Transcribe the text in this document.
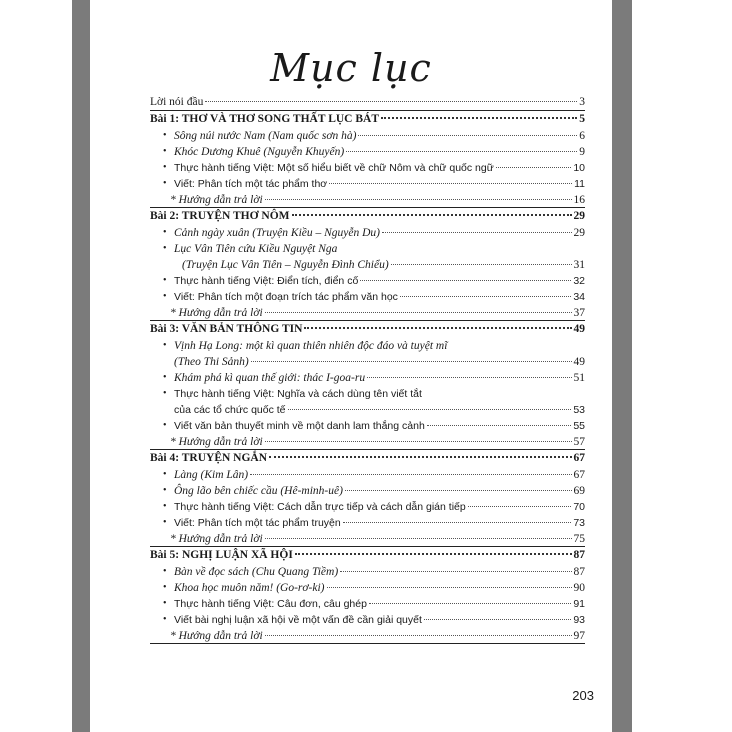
Mục lục
Lời nói đầu	3
Bài 1: THƠ VÀ THƠ SONG THẤT LỤC BÁT	5
• Sông núi nước Nam (Nam quốc sơn hà)	6
• Khóc Dương Khuê (Nguyễn Khuyến)	9
• Thực hành tiếng Việt: Một số hiểu biết về chữ Nôm và chữ quốc ngữ	10
• Viết: Phân tích một tác phẩm thơ	11
* Hướng dẫn trả lời	16
Bài 2: TRUYỆN THƠ NÔM	29
• Cảnh ngày xuân (Truyện Kiều – Nguyễn Du)	29
• Lục Vân Tiên cứu Kiều Nguyệt Nga
(Truyện Lục Vân Tiên – Nguyễn Đình Chiểu)	31
• Thực hành tiếng Việt: Điển tích, điển cố	32
• Viết: Phân tích một đoạn trích tác phẩm văn học	34
* Hướng dẫn trả lời	37
Bài 3: VĂN BẢN THÔNG TIN	49
• Vịnh Hạ Long: một kì quan thiên nhiên độc đáo và tuyệt mĩ
(Theo Thi Sảnh)	49
• Khám phá kì quan thế giới: thác I-goa-ru	51
• Thực hành tiếng Việt: Nghĩa và cách dùng tên viết tắt
của các tổ chức quốc tế	53
• Viết văn bản thuyết minh về một danh lam thắng cảnh	55
* Hướng dẫn trả lời	57
Bài 4: TRUYỆN NGẮN	67
• Làng (Kim Lân)	67
• Ông lão bên chiếc cầu (Hê-minh-uê)	69
• Thực hành tiếng Việt: Cách dẫn trực tiếp và cách dẫn gián tiếp	70
• Viết: Phân tích một tác phẩm truyện	73
* Hướng dẫn trả lời	75
Bài 5: NGHỊ LUẬN XÃ HỘI	87
• Bàn về đọc sách (Chu Quang Tiềm)	87
• Khoa học muôn năm! (Go-rơ-ki)	90
• Thực hành tiếng Việt: Câu đơn, câu ghép	91
• Viết bài nghị luận xã hội về một vấn đề cần giải quyết	93
* Hướng dẫn trả lời	97
203
